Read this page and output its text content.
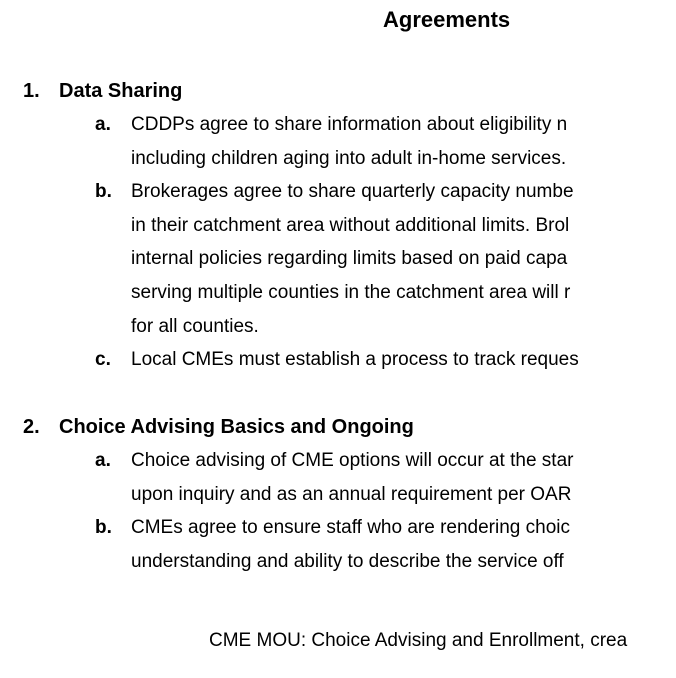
Agreements
1. Data Sharing
a. CDDPs agree to share information about eligibility n
including children aging into adult in-home services.
b. Brokerages agree to share quarterly capacity numbe
in their catchment area without additional limits. Brol
internal policies regarding limits based on paid capa
serving multiple counties in the catchment area will r
for all counties.
c. Local CMEs must establish a process to track reques
2. Choice Advising Basics and Ongoing
a. Choice advising of CME options will occur at the star
upon inquiry and as an annual requirement per OAR
b. CMEs agree to ensure staff who are rendering choic
understanding and ability to describe the service off
CME MOU: Choice Advising and Enrollment, crea
